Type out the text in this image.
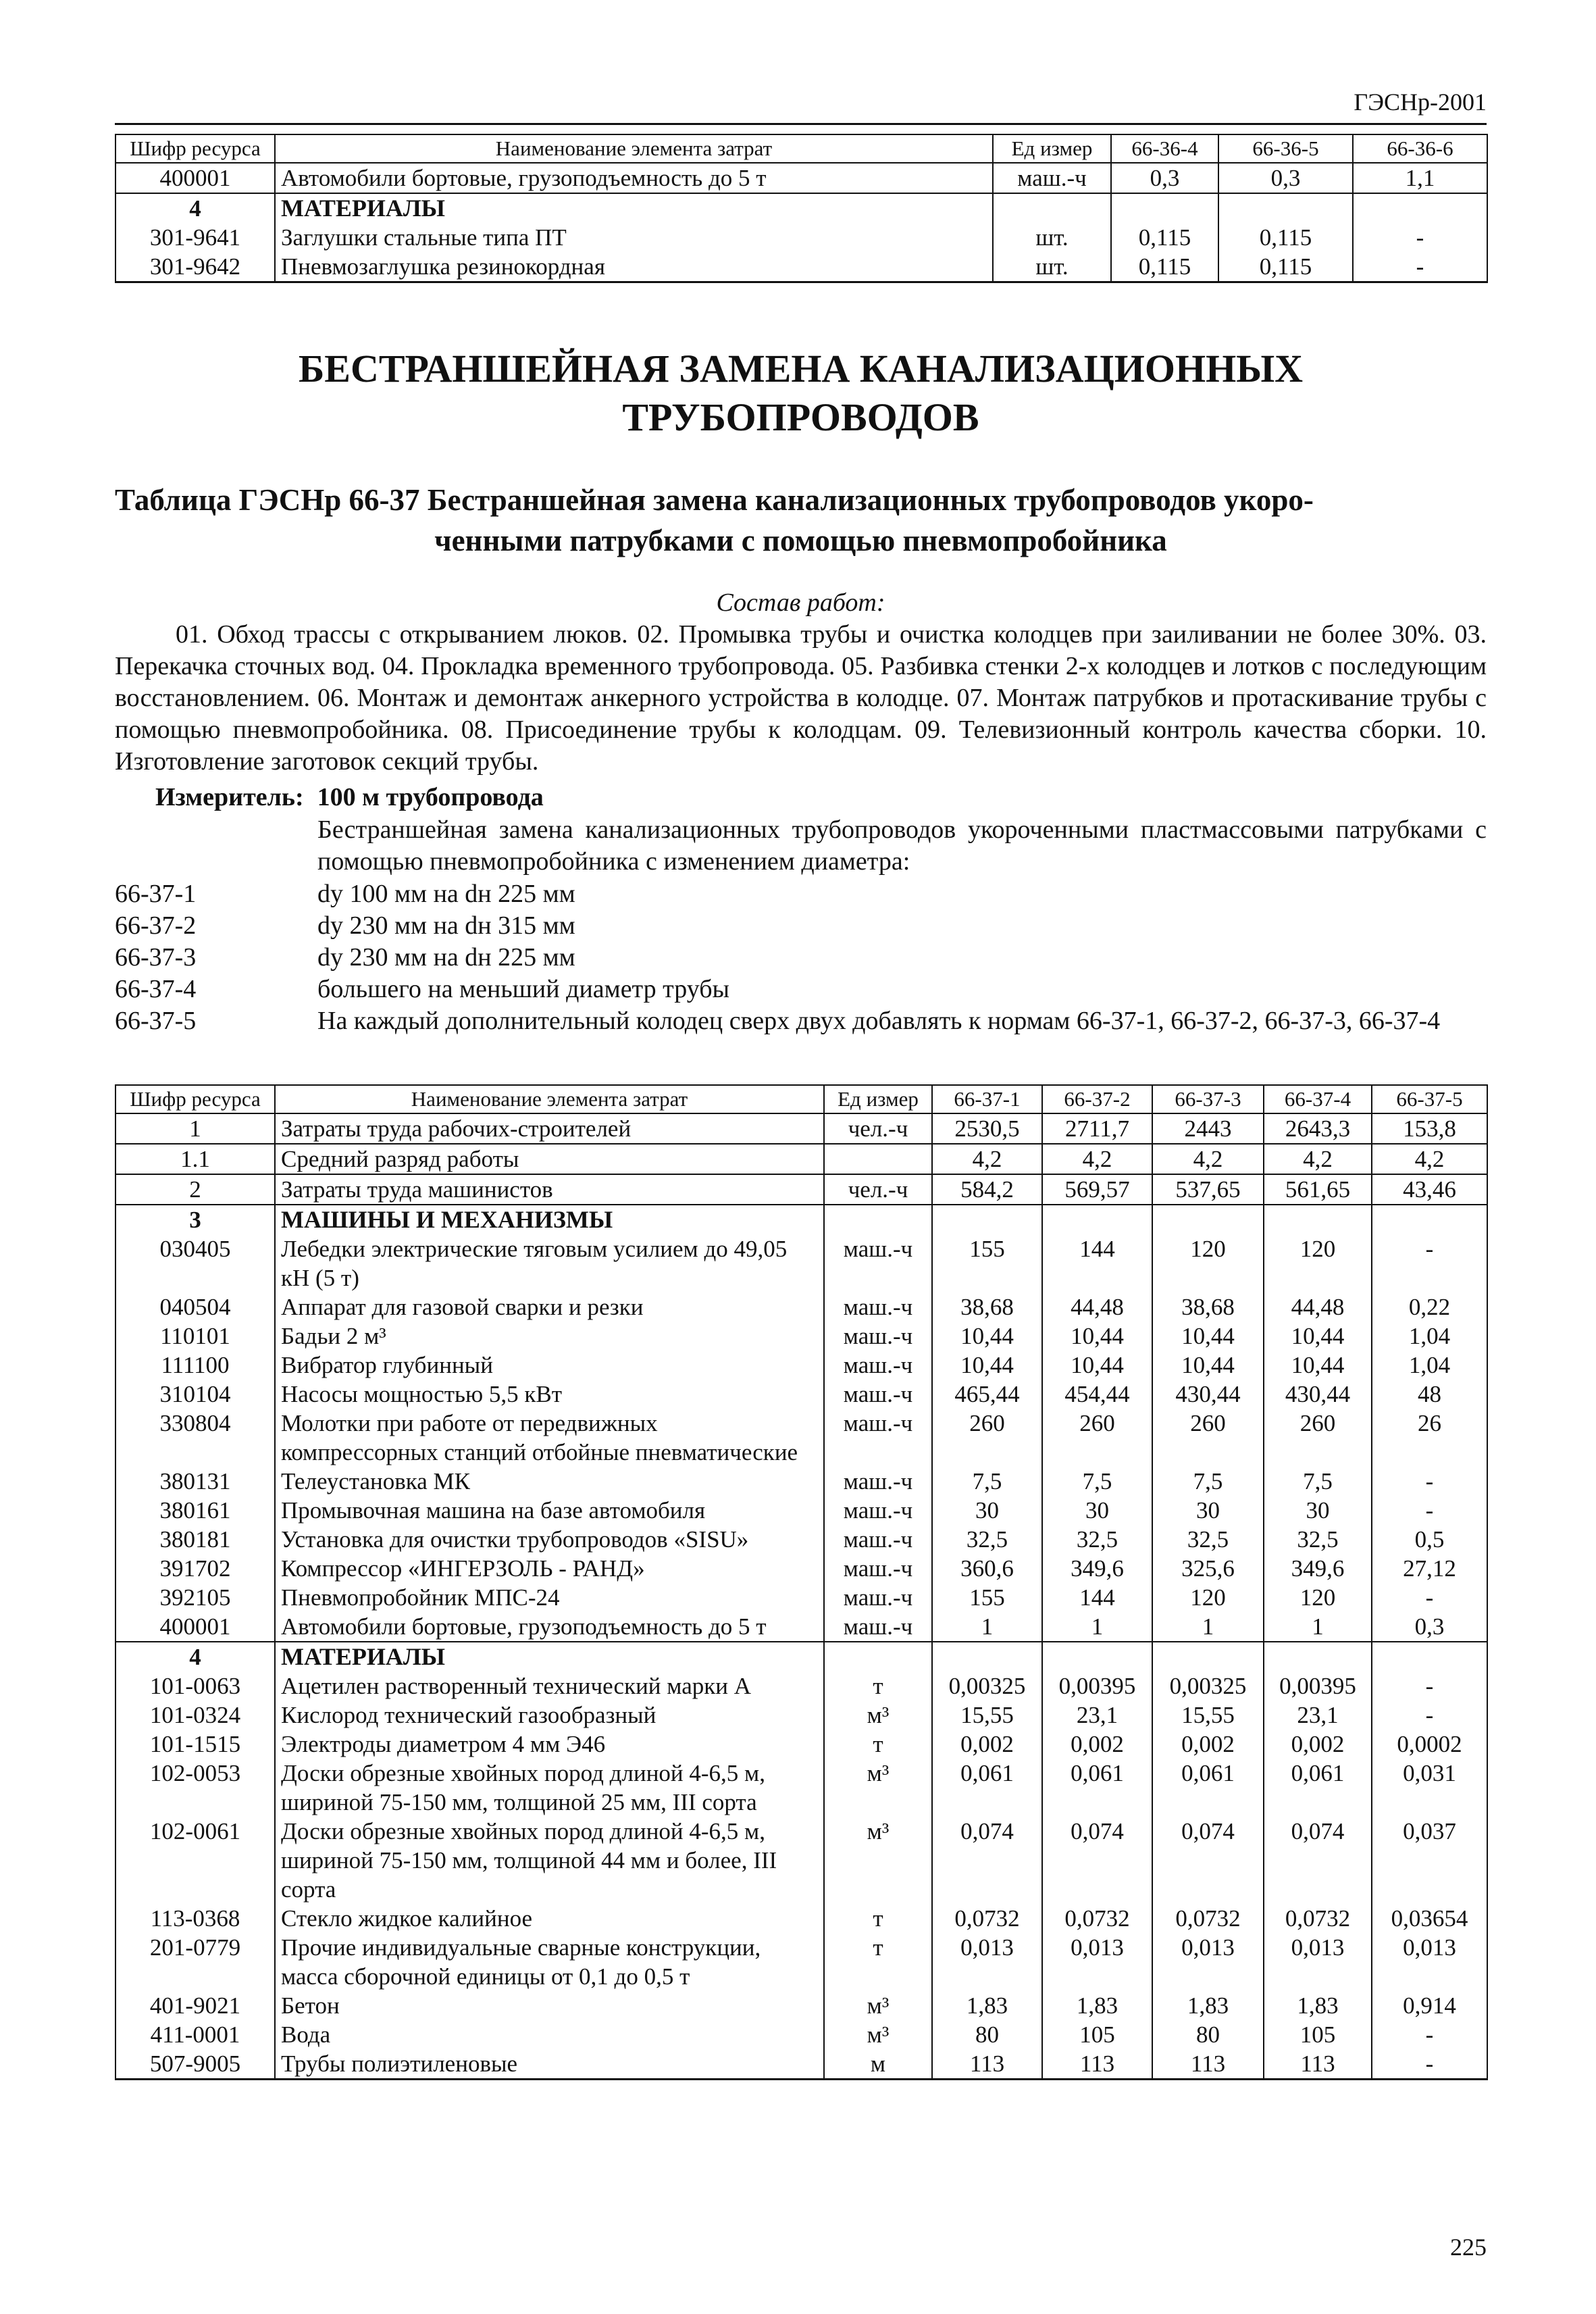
ГЭСНр-2001
Шифр ресурса	Наименование элемента затрат	Ед измер	66-36-4	66-36-5	66-36-6
400001	Автомобили бортовые, грузоподъемность до 5 т	маш.-ч	0,3	0,3	1,1
4	МАТЕРИАЛЫ				
301-9641	Заглушки стальные типа ПТ	шт.	0,115	0,115	-
301-9642	Пневмозаглушка резинокордная	шт.	0,115	0,115	-
БЕСТРАНШЕЙНАЯ ЗАМЕНА КАНАЛИЗАЦИОННЫХ
ТРУБОПРОВОДОВ
Таблица ГЭСНр 66-37 Бестраншейная замена канализационных трубопроводов укоро-
ченными патрубками с помощью пневмопробойника
Состав работ:
01. Обход трассы с открыванием люков. 02. Промывка трубы и очистка колодцев при заиливании не более 30%. 03. Перекачка сточных вод. 04. Прокладка временного трубопровода. 05. Разбивка стенки 2-х колодцев и лотков с последующим восстановлением. 06. Монтаж и демонтаж анкерного устройства в колодце. 07. Монтаж патрубков и протаскивание трубы с помощью пневмопробойника. 08. Присоединение трубы к колодцам. 09. Телевизионный контроль качества сборки. 10. Изготовление заготовок секций трубы.
Измеритель: 100 м трубопровода
Бестраншейная замена канализационных трубопроводов укороченными пластмассовыми патрубками с помощью пневмопробойника с изменением диаметра:
66-37-1	dy 100 мм на dн 225 мм
66-37-2	dy 230 мм на dн 315 мм
66-37-3	dy 230 мм на dн 225 мм
66-37-4	большего на меньший диаметр трубы
66-37-5	На каждый дополнительный колодец сверх двух добавлять к нормам 66-37-1, 66-37-2, 66-37-3, 66-37-4
Шифр ресурса	Наименование элемента затрат	Ед измер	66-37-1	66-37-2	66-37-3	66-37-4	66-37-5
1	Затраты труда рабочих-строителей	чел.-ч	2530,5	2711,7	2443	2643,3	153,8
1.1	Средний разряд работы		4,2	4,2	4,2	4,2	4,2
2	Затраты труда машинистов	чел.-ч	584,2	569,57	537,65	561,65	43,46
3	МАШИНЫ И МЕХАНИЗМЫ						
030405	Лебедки электрические тяговым усилием до 49,05 кН (5 т)	маш.-ч	155	144	120	120	-
040504	Аппарат для газовой сварки и резки	маш.-ч	38,68	44,48	38,68	44,48	0,22
110101	Бадьи 2 м³	маш.-ч	10,44	10,44	10,44	10,44	1,04
111100	Вибратор глубинный	маш.-ч	10,44	10,44	10,44	10,44	1,04
310104	Насосы мощностью 5,5 кВт	маш.-ч	465,44	454,44	430,44	430,44	48
330804	Молотки при работе от передвижных компрессорных станций отбойные пневматические	маш.-ч	260	260	260	260	26
380131	Телеустановка МК	маш.-ч	7,5	7,5	7,5	7,5	-
380161	Промывочная машина на базе автомобиля	маш.-ч	30	30	30	30	-
380181	Установка для очистки трубопроводов «SISU»	маш.-ч	32,5	32,5	32,5	32,5	0,5
391702	Компрессор «ИНГЕРЗОЛЬ - РАНД»	маш.-ч	360,6	349,6	325,6	349,6	27,12
392105	Пневмопробойник МПС-24	маш.-ч	155	144	120	120	-
400001	Автомобили бортовые, грузоподъемность до 5 т	маш.-ч	1	1	1	1	0,3
4	МАТЕРИАЛЫ						
101-0063	Ацетилен растворенный технический марки А	т	0,00325	0,00395	0,00325	0,00395	-
101-0324	Кислород технический газообразный	м³	15,55	23,1	15,55	23,1	-
101-1515	Электроды диаметром 4 мм Э46	т	0,002	0,002	0,002	0,002	0,0002
102-0053	Доски обрезные хвойных пород длиной 4-6,5 м, шириной 75-150 мм, толщиной 25 мм, III сорта	м³	0,061	0,061	0,061	0,061	0,031
102-0061	Доски обрезные хвойных пород длиной 4-6,5 м, шириной 75-150 мм, толщиной 44 мм и более, III сорта	м³	0,074	0,074	0,074	0,074	0,037
113-0368	Стекло жидкое калийное	т	0,0732	0,0732	0,0732	0,0732	0,03654
201-0779	Прочие индивидуальные сварные конструкции, масса сборочной единицы от 0,1 до 0,5 т	т	0,013	0,013	0,013	0,013	0,013
401-9021	Бетон	м³	1,83	1,83	1,83	1,83	0,914
411-0001	Вода	м³	80	105	80	105	-
507-9005	Трубы полиэтиленовые	м	113	113	113	113	-
225
